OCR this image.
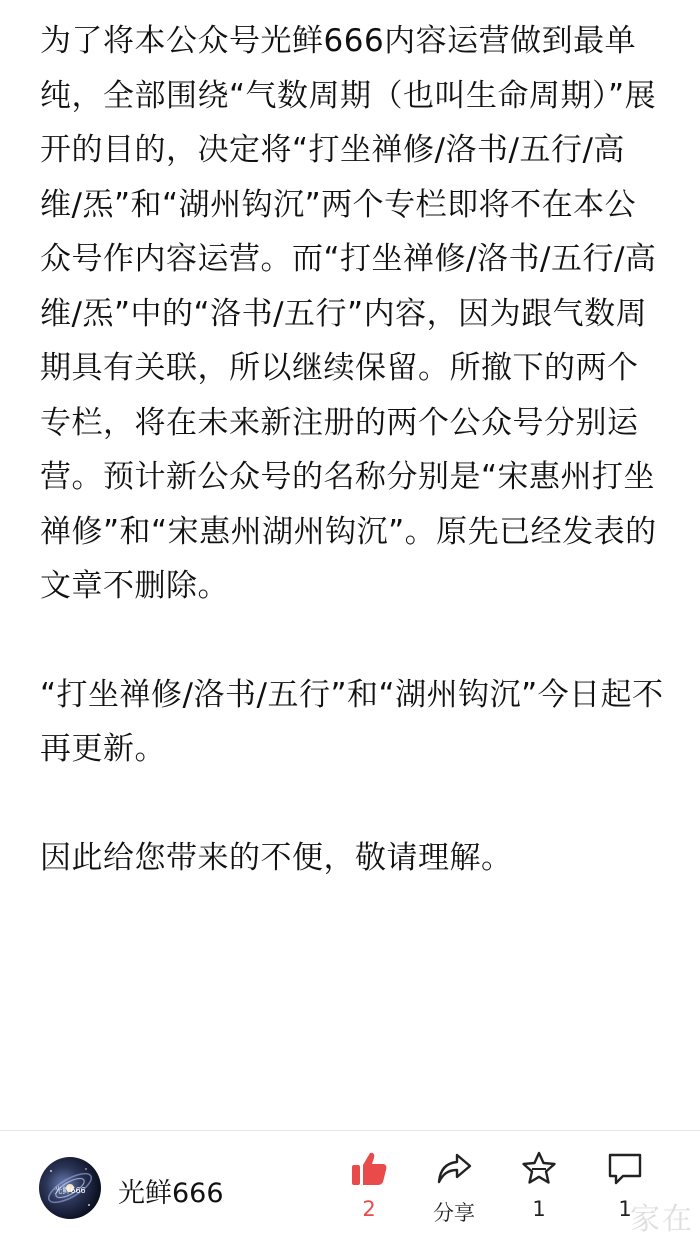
为了将本公众号光鲜666内容运营做到最单纯，全部围绕“气数周期（也叫生命周期）”展开的目的，决定将“打坐禅修/洛书/五行/高维/炁”和“湖州钩沉”两个专栏即将不在本公众号作内容运营。而“打坐禅修/洛书/五行/高维/炁”中的“洛书/五行”内容，因为跟气数周期具有关联，所以继续保留。所撤下的两个专栏，将在未来新注册的两个公众号分别运营。预计新公众号的名称分别是“宋惠州打坐禅修”和“宋惠州湖州钩沉”。原先已经发表的文章不删除。

“打坐禅修/洛书/五行”和“湖州钩沉”今日起不再更新。

因此给您带来的不便，敬请理解。

光鲜666 光鲜666	2	分享	1	1
家在
